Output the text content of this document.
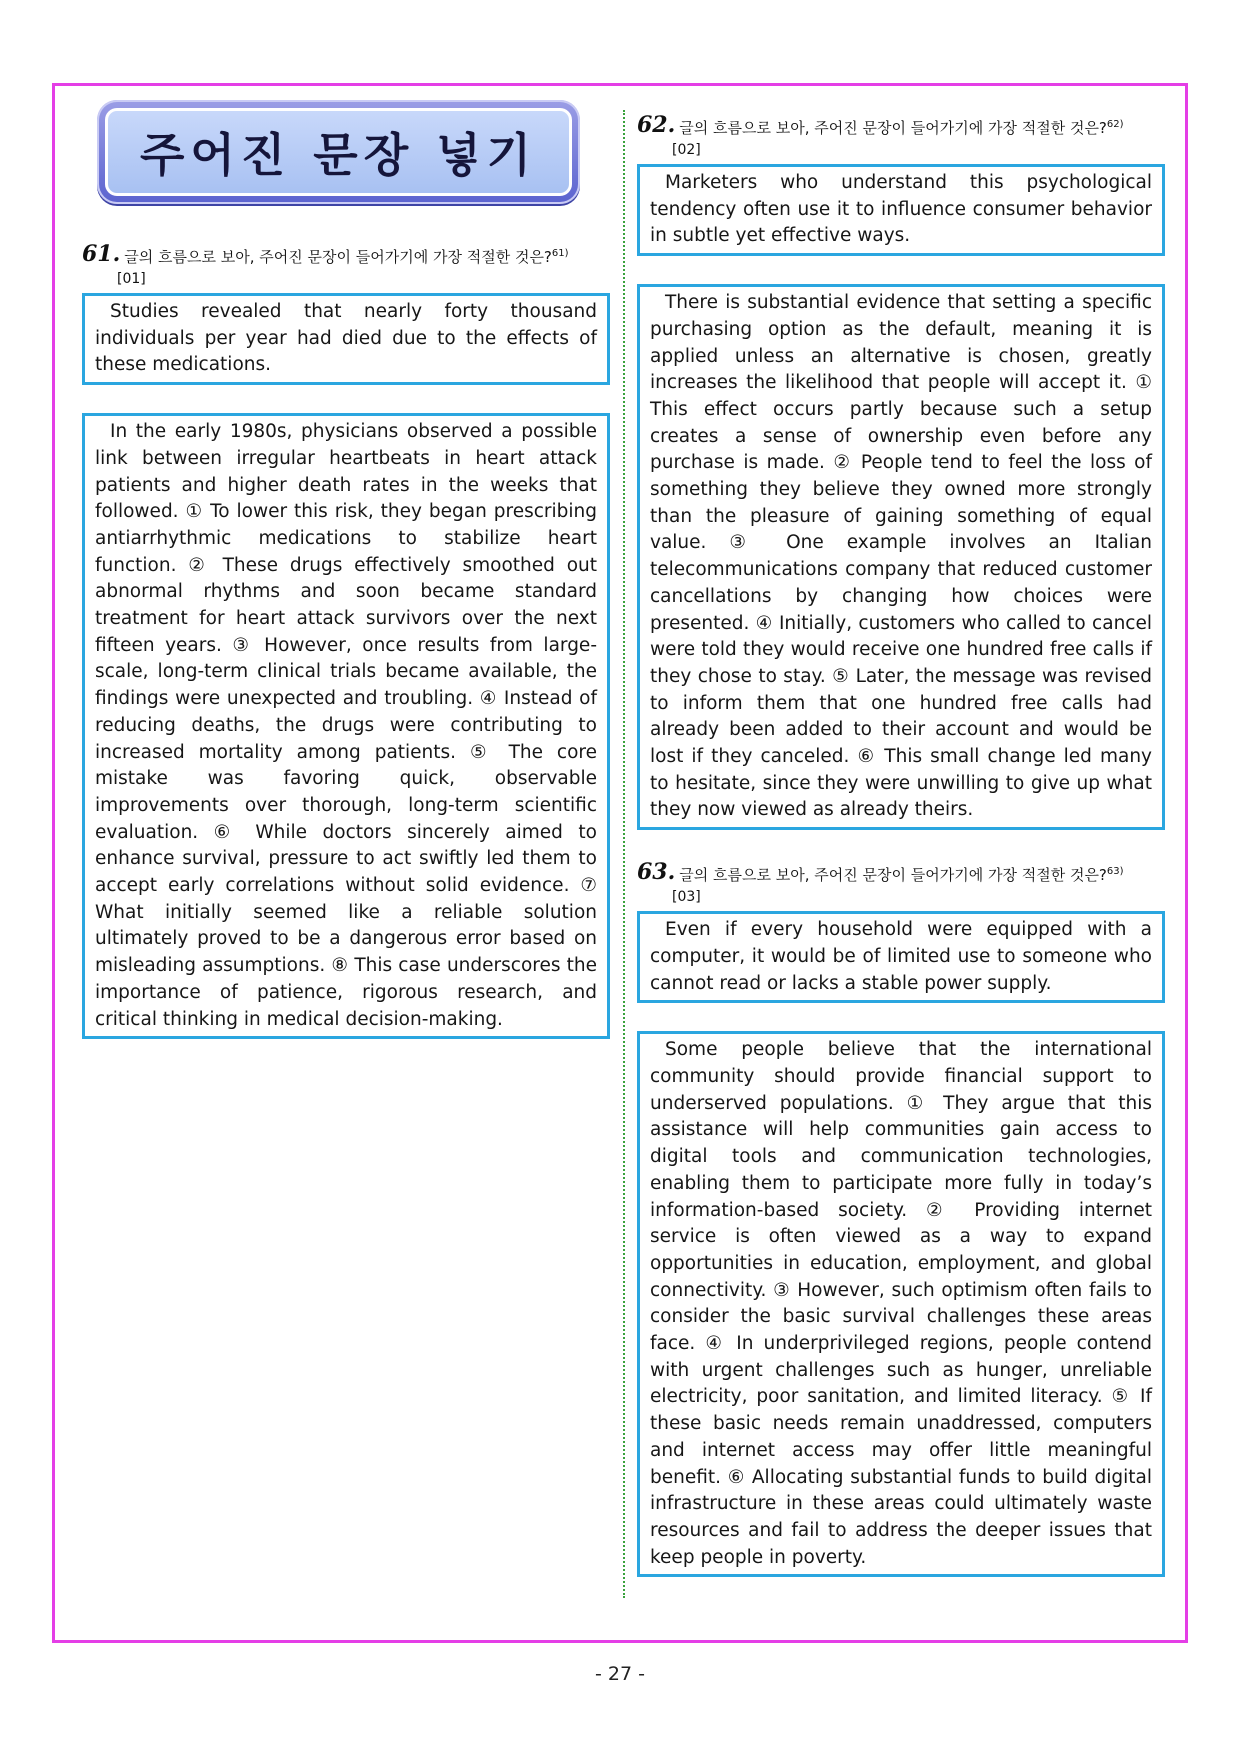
주어진 문장 넣기
61. 글의 흐름으로 보아, 주어진 문장이 들어가기에 가장 적절한 것은?$^{61)}$
[01]

Studies revealed that nearly forty thousand individuals per year had died due to the effects of these medications.

In the early 1980s, physicians observed a possible link between irregular heartbeats in heart attack patients and higher death rates in the weeks that followed. ① To lower this risk, they began prescribing antiarrhythmic medications to stabilize heart function. ② These drugs effectively smoothed out abnormal rhythms and soon became standard treatment for heart attack survivors over the next fifteen years. ③ However, once results from large-scale, long-term clinical trials became available, the findings were unexpected and troubling. ④ Instead of reducing deaths, the drugs were contributing to increased mortality among patients. ⑤ The core mistake was favoring quick, observable improvements over thorough, long-term scientific evaluation. ⑥ While doctors sincerely aimed to enhance survival, pressure to act swiftly led them to accept early correlations without solid evidence. ⑦ What initially seemed like a reliable solution ultimately proved to be a dangerous error based on misleading assumptions. ⑧ This case underscores the importance of patience, rigorous research, and critical thinking in medical decision-making.

62. 글의 흐름으로 보아, 주어진 문장이 들어가기에 가장 적절한 것은?$^{62)}$
[02]

Marketers who understand this psychological tendency often use it to influence consumer behavior in subtle yet effective ways.

There is substantial evidence that setting a specific purchasing option as the default, meaning it is applied unless an alternative is chosen, greatly increases the likelihood that people will accept it. ① This effect occurs partly because such a setup creates a sense of ownership even before any purchase is made. ② People tend to feel the loss of something they believe they owned more strongly than the pleasure of gaining something of equal value. ③ One example involves an Italian telecommunications company that reduced customer cancellations by changing how choices were presented. ④ Initially, customers who called to cancel were told they would receive one hundred free calls if they chose to stay. ⑤ Later, the message was revised to inform them that one hundred free calls had already been added to their account and would be lost if they canceled. ⑥ This small change led many to hesitate, since they were unwilling to give up what they now viewed as already theirs.

63. 글의 흐름으로 보아, 주어진 문장이 들어가기에 가장 적절한 것은?$^{63)}$
[03]

Even if every household were equipped with a computer, it would be of limited use to someone who cannot read or lacks a stable power supply.

Some people believe that the international community should provide financial support to underserved populations. ① They argue that this assistance will help communities gain access to digital tools and communication technologies, enabling them to participate more fully in today’s information-based society. ② Providing internet service is often viewed as a way to expand opportunities in education, employment, and global connectivity. ③ However, such optimism often fails to consider the basic survival challenges these areas face. ④ In underprivileged regions, people contend with urgent challenges such as hunger, unreliable electricity, poor sanitation, and limited literacy. ⑤ If these basic needs remain unaddressed, computers and internet access may offer little meaningful benefit. ⑥ Allocating substantial funds to build digital infrastructure in these areas could ultimately waste resources and fail to address the deeper issues that keep people in poverty.

- 27 -
